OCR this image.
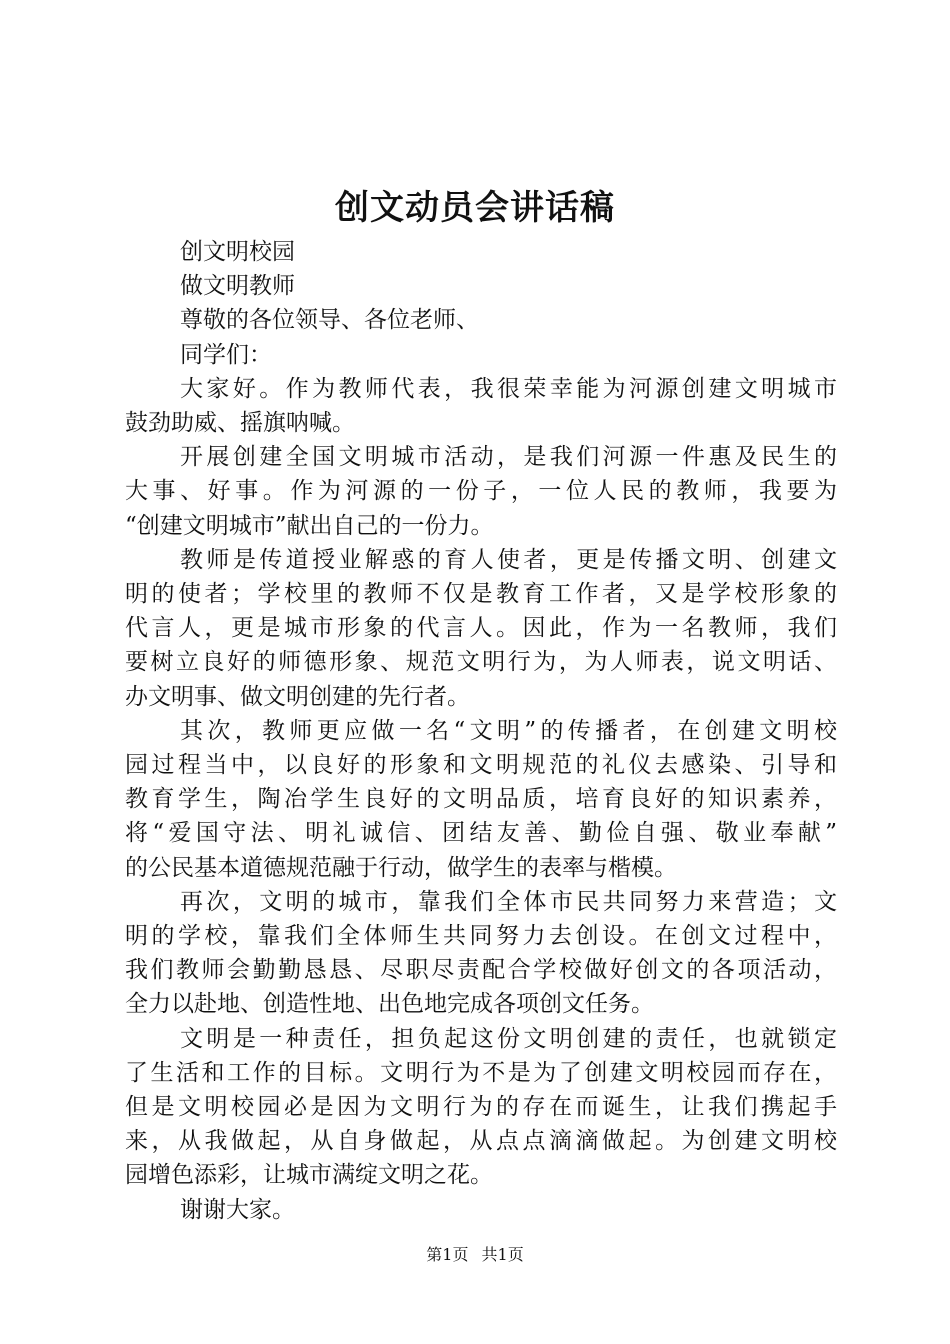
创文动员会讲话稿
创文明校园
做文明教师
尊敬的各位领导、各位老师、
同学们：
大家好。作为教师代表，我很荣幸能为河源创建文明城市
鼓劲助威、摇旗呐喊。
开展创建全国文明城市活动，是我们河源一件惠及民生的
大事、好事。作为河源的一份子，一位人民的教师，我要为
“创建文明城市”献出自己的一份力。
教师是传道授业解惑的育人使者，更是传播文明、创建文
明的使者；学校里的教师不仅是教育工作者，又是学校形象的
代言人，更是城市形象的代言人。因此，作为一名教师，我们
要树立良好的师德形象、规范文明行为，为人师表，说文明话、
办文明事、做文明创建的先行者。
其次，教师更应做一名“文明”的传播者，在创建文明校
园过程当中，以良好的形象和文明规范的礼仪去感染、引导和
教育学生，陶冶学生良好的文明品质，培育良好的知识素养，
将“爱国守法、明礼诚信、团结友善、勤俭自强、敬业奉献”
的公民基本道德规范融于行动，做学生的表率与楷模。
再次，文明的城市，靠我们全体市民共同努力来营造；文
明的学校，靠我们全体师生共同努力去创设。在创文过程中，
我们教师会勤勤恳恳、尽职尽责配合学校做好创文的各项活动，
全力以赴地、创造性地、出色地完成各项创文任务。
文明是一种责任，担负起这份文明创建的责任，也就锁定
了生活和工作的目标。文明行为不是为了创建文明校园而存在，
但是文明校园必是因为文明行为的存在而诞生，让我们携起手
来，从我做起，从自身做起，从点点滴滴做起。为创建文明校
园增色添彩，让城市满绽文明之花。
谢谢大家。
第1页 共1页
